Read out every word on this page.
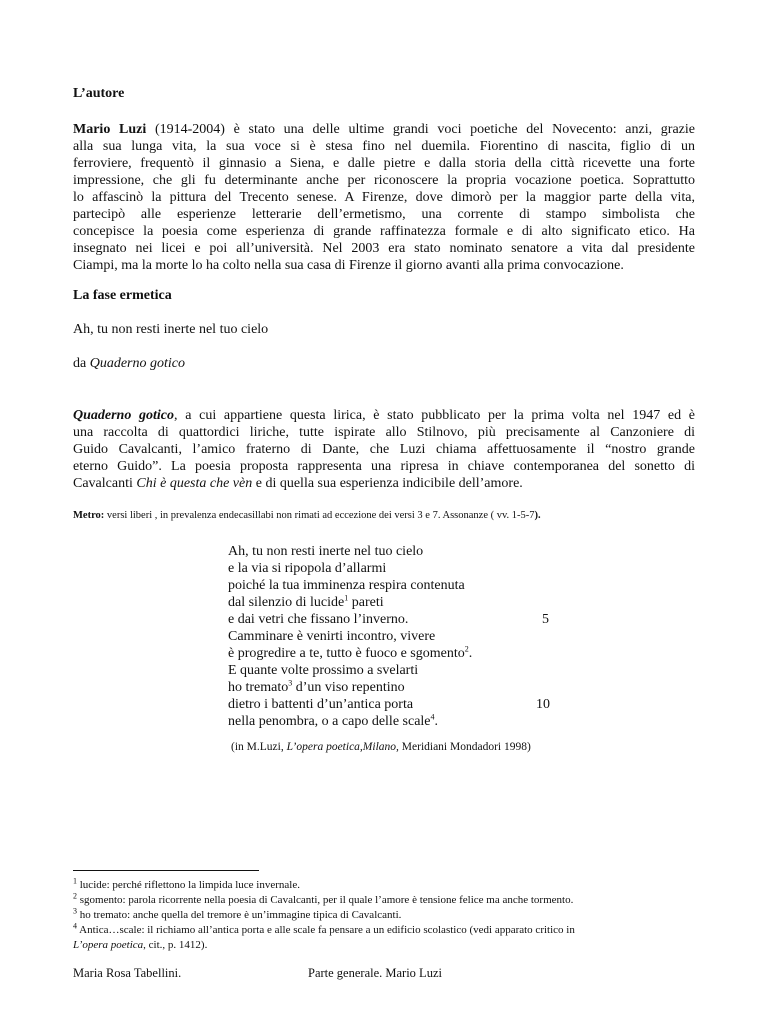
L’autore
Mario Luzi (1914-2004) è stato una delle ultime grandi voci poetiche del Novecento: anzi, grazie
alla sua lunga vita, la sua voce si è stesa fino nel duemila. Fiorentino di nascita, figlio di un
ferroviere, frequentò il ginnasio a Siena, e dalle pietre e dalla storia della città ricevette una forte
impressione, che gli fu determinante anche per riconoscere la propria vocazione poetica. Soprattutto
lo affascinò la pittura del Trecento senese. A Firenze, dove dimorò per la maggior parte della vita,
partecipò alle esperienze letterarie dell’ermetismo, una corrente di stampo simbolista che
concepisce la poesia come esperienza di grande raffinatezza formale e di alto significato etico. Ha
insegnato nei licei e poi all’università. Nel 2003 era stato nominato senatore a vita dal presidente
Ciampi, ma la morte lo ha colto nella sua casa di Firenze il giorno avanti alla prima convocazione.
La fase ermetica
Ah, tu non resti inerte nel tuo cielo
da Quaderno gotico
Quaderno gotico, a cui appartiene questa lirica, è stato pubblicato per la prima volta nel 1947 ed è
una raccolta di quattordici liriche, tutte ispirate allo Stilnovo, più precisamente al Canzoniere di
Guido Cavalcanti, l’amico fraterno di Dante, che Luzi chiama affettuosamente il “nostro grande
eterno Guido”. La poesia proposta rappresenta una ripresa in chiave contemporanea del sonetto di
Cavalcanti Chi è questa che vèn e di quella sua esperienza indicibile dell’amore.
Metro: versi liberi , in prevalenza endecasillabi non rimati ad eccezione dei versi 3 e 7. Assonanze ( vv. 1-5-7).
Ah, tu non resti inerte nel tuo cielo
e la via si ripopola d’allarmi
poiché la tua imminenza respira contenuta
dal silenzio di lucide$^1$ pareti
e dai vetri che fissano l’inverno.	5
Camminare è venirti incontro, vivere
è progredire a te, tutto è fuoco e sgomento$^2$.
E quante volte prossimo a svelarti
ho tremato$^3$ d’un viso repentino
dietro i battenti d’un’antica porta	10
nella penombra, o a capo delle scale$^4$.
(in M.Luzi, L’opera poetica,Milano, Meridiani Mondadori 1998)
$^1$ lucide: perché riflettono la limpida luce invernale.
$^2$ sgomento: parola ricorrente nella poesia di Cavalcanti, per il quale l’amore è tensione felice ma anche tormento.
$^3$ ho tremato: anche quella del tremore è un’immagine tipica di Cavalcanti.
$^4$ Antica…scale: il richiamo all’antica porta e alle scale fa pensare a un edificio scolastico (vedi apparato critico in
L’opera poetica, cit., p. 1412).
Maria Rosa Tabellini.	Parte generale. Mario Luzi
